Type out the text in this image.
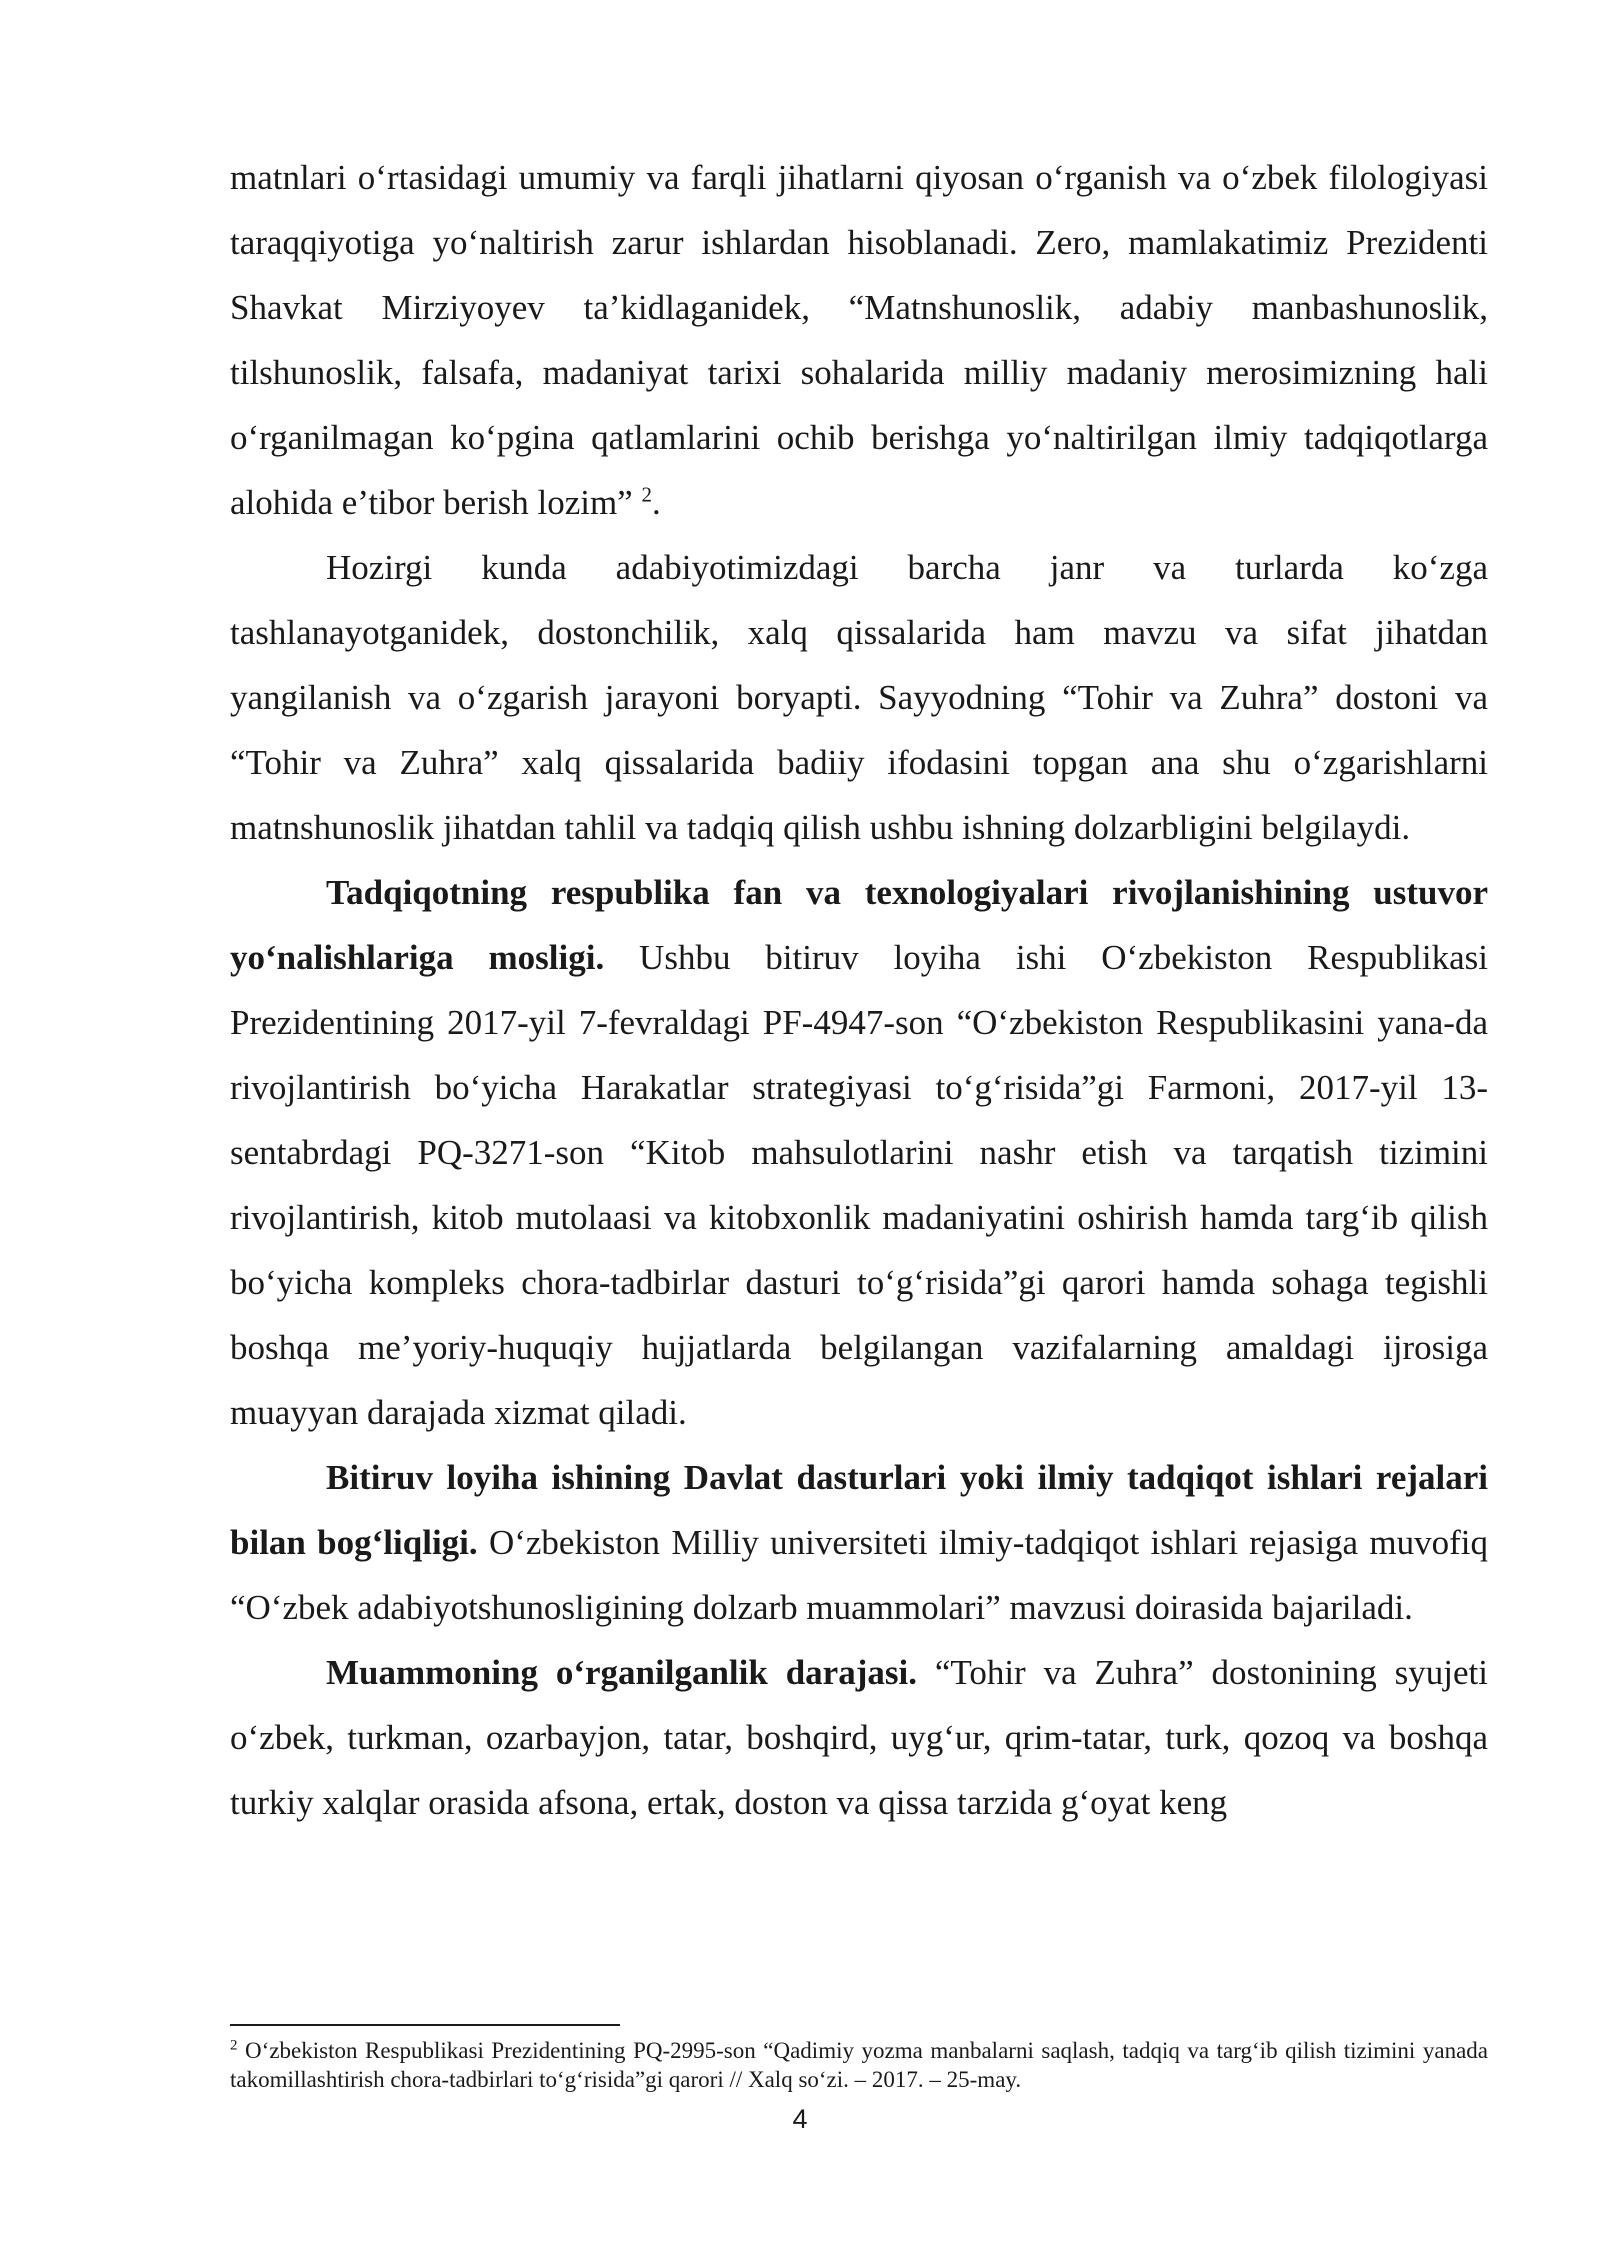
matnlari o‘rtasidagi umumiy va farqli jihatlarni qiyosan o‘rganish va o‘zbek filologiyasi taraqqiyotiga yo‘naltirish zarur ishlardan hisoblanadi. Zero, mamlakatimiz Prezidenti Shavkat Mirziyoyev ta’kidlaganidek, “Matnshunoslik, adabiy manbashunoslik, tilshunoslik, falsafa, madaniyat tarixi sohalarida milliy madaniy merosimizning hali o‘rganilmagan ko‘pgina qatlamlarini ochib berishga yo‘naltirilgan ilmiy tadqiqotlarga alohida e’tibor berish lozim” $^2$.

Hozirgi kunda adabiyotimizdagi barcha janr va turlarda ko‘zga tashlanayotganidek, dostonchilik, xalq qissalarida ham mavzu va sifat jihatdan yangilanish va o‘zgarish jarayoni boryapti. Sayyodning “Tohir va Zuhra” dostoni va “Tohir va Zuhra” xalq qissalarida badiiy ifodasini topgan ana shu o‘zgarishlarni matnshunoslik jihatdan tahlil va tadqiq qilish ushbu ishning dolzarbligini belgilaydi.

Tadqiqotning respublika fan va texnologiyalari rivojlanishining ustuvor yo‘nalishlariga mosligi. Ushbu bitiruv loyiha ishi O‘zbekiston Respublikasi Prezidentining 2017-yil 7-fevraldagi PF-4947-son “O‘zbekiston Respublikasini yana-da rivojlantirish bo‘yicha Harakatlar strategiyasi to‘g‘risida”gi Farmoni, 2017-yil 13-sentabrdagi PQ-3271-son “Kitob mahsulotlarini nashr etish va tarqatish tizimini rivojlantirish, kitob mutolaasi va kitobxonlik madaniyatini oshirish hamda targ‘ib qilish bo‘yicha kompleks chora-tadbirlar dasturi to‘g‘risida”gi qarori hamda sohaga tegishli boshqa me’yoriy-huquqiy hujjatlarda belgilangan vazifalarning amaldagi ijrosiga muayyan darajada xizmat qiladi.

Bitiruv loyiha ishining Davlat dasturlari yoki ilmiy tadqiqot ishlari rejalari bilan bog‘liqligi. O‘zbekiston Milliy universiteti ilmiy-tadqiqot ishlari rejasiga muvofiq “O‘zbek adabiyotshunosligining dolzarb muammolari” mavzusi doirasida bajariladi.

Muammoning o‘rganilganlik darajasi. “Tohir va Zuhra” dostonining syujeti o‘zbek, turkman, ozarbayjon, tatar, boshqird, uyg‘ur, qrim-tatar, turk, qozoq va boshqa turkiy xalqlar orasida afsona, ertak, doston va qissa tarzida g‘oyat keng

$^2$ O‘zbekiston Respublikasi Prezidentining PQ-2995-son “Qadimiy yozma manbalarni saqlash, tadqiq va targ‘ib qilish tizimini yanada takomillashtirish chora-tadbirlari to‘g‘risida”gi qarori // Xalq so‘zi. – 2017. – 25-may.

4
